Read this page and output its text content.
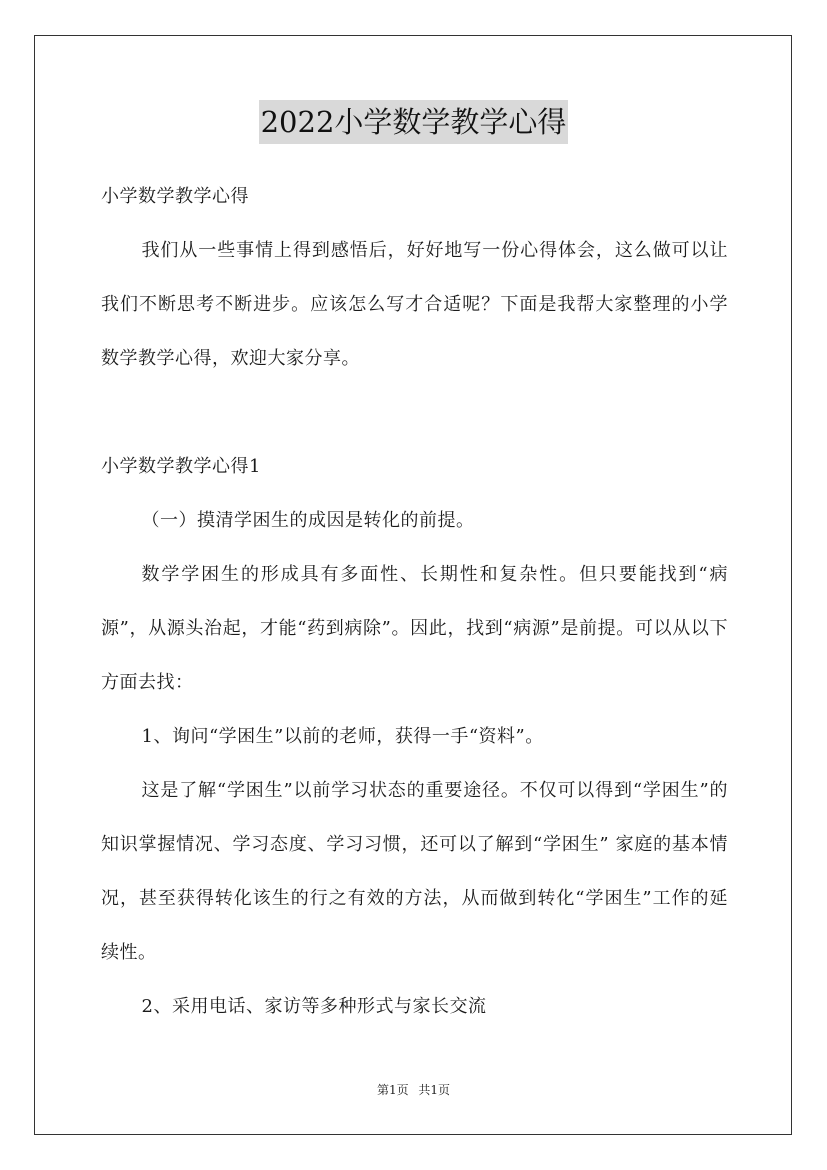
2022小学数学教学心得

小学数学教学心得

我们从一些事情上得到感悟后，好好地写一份心得体会，这么做可以让我们不断思考不断进步。应该怎么写才合适呢？下面是我帮大家整理的小学数学教学心得，欢迎大家分享。

小学数学教学心得1

（一）摸清学困生的成因是转化的前提。

数学学困生的形成具有多面性、长期性和复杂性。但只要能找到“病源”，从源头治起，才能“药到病除”。因此，找到“病源”是前提。可以从以下方面去找：

1、询问“学困生”以前的老师，获得一手“资料”。

这是了解“学困生”以前学习状态的重要途径。不仅可以得到“学困生”的知识掌握情况、学习态度、学习习惯，还可以了解到“学困生” 家庭的基本情况，甚至获得转化该生的行之有效的方法，从而做到转化“学困生”工作的延续性。

2、采用电话、家访等多种形式与家长交流

第1页 共1页
